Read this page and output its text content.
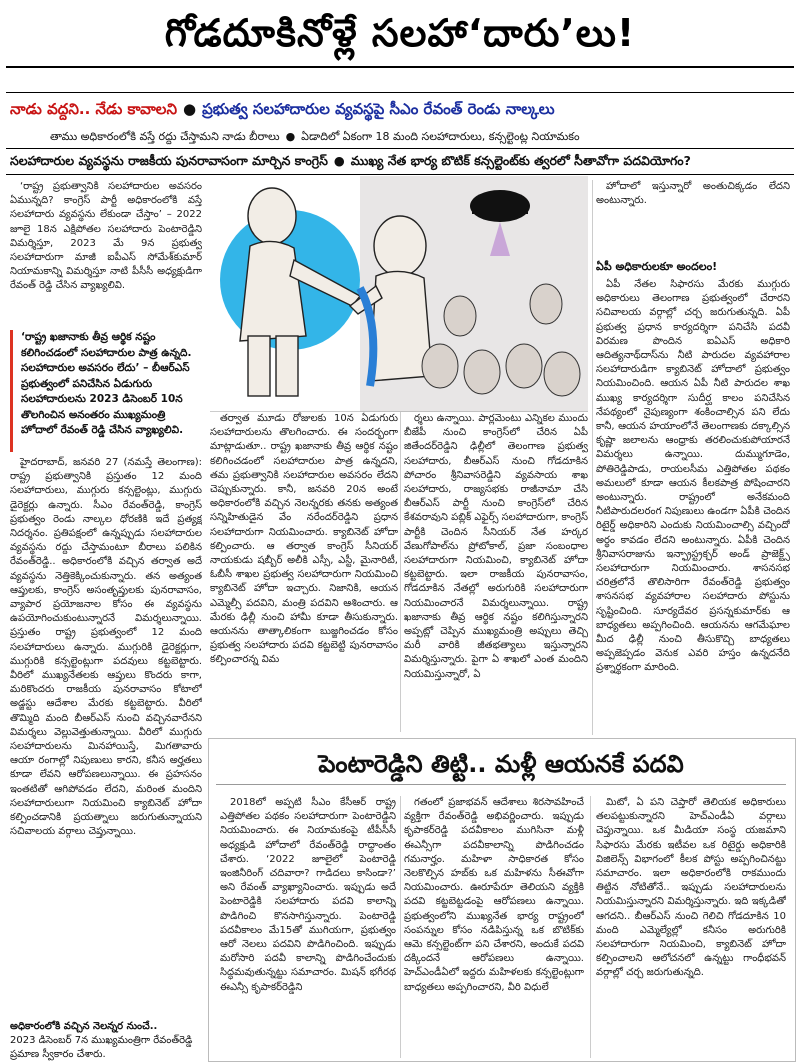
గోడదూకినోళ్లే సలహా‘దారు’లు!
నాడు వద్దని.. నేడు కావాలని ● ప్రభుత్వ సలహాదారుల వ్యవస్థపై సీఎం రేవంత్ రెండు నాల్కలు
తాము అధికారంలోకి వస్తే రద్దు చేస్తామని నాడు బీరాలు ● ఏడాదిలో ఏకంగా 18 మంది సలహాదారులు, కన్సల్టెంట్ల నియామకం
సలహాదారుల వ్యవస్థను రాజకీయ పునరావాసంగా మార్చిన కాంగ్రెస్ ● ముఖ్య నేత భార్య బొటిక్ కన్సల్టెంట్‌కు త్వరలో సీతావోగా పదవియోగం?

‘రాష్ట్ర ప్రభుత్వానికి సలహాదారుల అవసరం ఏమున్నది? కాంగ్రెస్ పార్టీ అధికారంలోకి వస్తే సలహాదారు వ్యవస్థను లేకుండా చేస్తాం’ – 2022 జూలై 18న ఎక్షిపోతల సలహాదారు పెంటారెడ్డిని విమర్శిస్తూ, 2023 మే 9న ప్రభుత్వ సలహాదారుగా మాజీ ఐపీఎస్ సోమేశ్‌కుమార్ నియామకాన్ని విమర్శిస్తూ నాటి పీసీసీ అధ్యక్షుడిగా రేవంత్ రెడ్డి చేసిన వ్యాఖ్యలివి.

‘రాష్ట్ర ఖజానాకు తీవ్ర ఆర్థిక నష్టం కలిగించడంలో సలహాదారుల పాత్ర ఉన్నది. సలహాదారుల అవసరం లేదు’ – బీఆర్‌ఎస్ ప్రభుత్వంలో పనిచేసిన ఏడుగురు సలహాదారులను 2023 డిసెంబర్ 10న తొలగించిన అనంతరం ముఖ్యమంత్రి హోదాలో రేవంత్ రెడ్డి చేసిన వ్యాఖ్యలివి.

హైదరాబాద్, జనవరి 27 (నమస్తే తెలంగాణ): రాష్ట్ర ప్రభుత్వానికి ప్రస్తుతం 12 మంది సలహాదారులు, ముగ్గురు కన్సల్టెంట్లు, ముగ్గురు డైరెక్టర్లు ఉన్నారు. సీఎం రేవంత్‌రెడ్డి, కాంగ్రెస్ ప్రభుత్వం రెండు నాల్కల ధోరణికి ఇదే ప్రత్యక్ష నిదర్శనం. ప్రతిపక్షంలో ఉన్నప్పుడు సలహాదారుల వ్యవస్థను రద్దు చేస్తామంటూ బీరాలు పలికిన రేవంత్‌రెడ్డి.. అధికారంలోకి వచ్చిన తర్వాత అదే వ్యవస్థను నెత్తికెక్కించుకున్నారు. తన అత్యంత ఆప్తులకు, కాంగ్రెస్ అసంతృప్తులకు పునరావాసం, వ్యాపార ప్రయోజనాల కోసం ఈ వ్యవస్థను ఉపయోగించుకుంటున్నారనే విమర్శలున్నాయి. ప్రస్తుతం రాష్ట్ర ప్రభుత్వంలో 12 మంది సలహాదారులు ఉన్నారు. ముగ్గురికి డైరెక్టర్లుగా, ముగ్గురికి కన్సల్టెంట్లుగా పదవులు కట్టబెట్టారు. వీరిలో ముఖ్యనేతలకు ఆప్తులు కొందరు కాగా, మరికొందరు రాజకీయ పునరావాసం కోటాలో అడ్జస్టు ఆదేశాల మేరకు కట్టబెట్టారు. వీరిలో తొమ్మిది మంది బీఆర్‌ఎస్ నుంచి వచ్చినవారేనని విమర్శలు వెల్లువెత్తుతున్నాయి. వీరిలో ముగ్గురు సలహాదారులను మినహాయిస్తే, మిగతావారు ఆయా రంగాల్లో నిపుణులు కారని, కనీస అర్హతలు కూడా లేవని ఆరోపణలున్నాయి. ఈ ప్రహసనం ఇంతటితో ఆగిపోవడం లేదని, మరింత మందిని సలహాదారులుగా నియమించి క్యాబినెట్ హోదా కల్పించడానికి ప్రయత్నాలు జరుగుతున్నాయని సచివాలయ వర్గాలు చెప్తున్నాయి.

అధికారంలోకి వచ్చిన నెలన్నర నుంచే..
2023 డిసెంబర్ 7న ముఖ్యమంత్రిగా రేవంత్‌రెడ్డి ప్రమాణ స్వీకారం చేశారు.

తర్వాత మూడు రోజులకు 10న ఏడుగురు సలహాదారులను తొలగించారు. ఈ సందర్భంగా మాట్లాడుతూ.. రాష్ట్ర ఖజానాకు తీవ్ర ఆర్థిక నష్టం కలిగించడంలో సలహాదారుల పాత్ర ఉన్నదని, తమ ప్రభుత్వానికి సలహాదారుల అవసరం లేదని చెప్పుకున్నారు. కానీ, జనవరి 20న అంటే అధికారంలోకి వచ్చిన నెలన్నరకు తనకు అత్యంత సన్నిహితుడైన వేం నరేందర్‌రెడ్డిని ప్రధాన సలహాదారుగా నియమించారు. క్యాబినెట్ హోదా కల్పించారు. ఆ తర్వాత కాంగ్రెస్ సీనియర్ నాయకుడు షబ్బీర్ అలీకి ఎస్సీ, ఎస్టీ, మైనారిటీ, ఓబీసీ శాఖల ప్రభుత్వ సలహాదారుగా నియమించి క్యాబినెట్ హోదా ఇచ్చారు. నిజానికి, ఆయన ఎమ్మెల్సీ పదవిని, మంత్రి పదవిని ఆశించారు. ఆ మేరకు ఢిల్లీ నుంచి హామీ కూడా తీసుకున్నారు. ఆయనను తాత్కాలికంగా బుజ్జగించడం కోసం ప్రభుత్వ సలహాదారు పదవి కట్టబెట్టి పునరావాసం కల్పించారన్న విమ

ర్శలు ఉన్నాయి. పార్లమెంటు ఎన్నికల ముందు బీజేపీ నుంచి కాంగ్రెస్‌లో చేరిన ఏపీ జితేందర్‌రెడ్డిని ఢిల్లీలో తెలంగాణ ప్రభుత్వ సలహాదారు, బీఆర్‌ఎస్ నుంచి గోడదూకిన పోచారం శ్రీనివాసరెడ్డిని వ్యవసాయ శాఖ సలహాదారు, రాజ్యసభకు రాజీనామా చేసి బీఆర్‌ఎస్ పార్టీ నుంచి కాంగ్రెస్‌లో చేరిన కేశవరావుని పబ్లిక్ ఎఫైర్స్ సలహాదారుగా, కాంగ్రెస్ పార్టీకి చెందిన సీనియర్ నేత హర్కర వేణుగోపాల్‌ను ప్రోటోకాల్, ప్రజా సంబంధాల సలహాదారుగా నియమించి, క్యాబినెట్ హోదా కట్టబెట్టారు. ఇలా రాజకీయ పునరావాసం, గోడదూకిన నేతల్లో అరుగురికి సలహాదారుగా నియమించారనే విమర్శలున్నాయి. రాష్ట్ర ఖజానాకు తీవ్ర ఆర్థిక నష్టం కలిగిస్తున్నారని అప్పట్లో చెప్పిన ముఖ్యమంత్రి అప్పులు తెచ్చి మరీ వారికి జీతభత్యాలు ఇస్తున్నారని విమర్శిస్తున్నారు. పైగా ఏ శాఖలో ఎంత మందిని నియమిస్తున్నారో, ఏ

హోదాలో ఇస్తున్నారో అంతుచిక్కడం లేదని అంటున్నారు.

ఏపీ అధికారులకూ అందలం!

ఏపీ నేతల సిఫారసు మేరకు ముగ్గురు అధికారులు తెలంగాణ ప్రభుత్వంలో చేరారని సచివాలయ వర్గాల్లో చర్చ జరుగుతున్నది. ఏపీ ప్రభుత్వ ప్రధాన కార్యదర్శిగా పనిచేసి పదవీ విరమణ పొందిన ఐఏఎస్ అధికారి ఆదిత్యనాథ్‌దాస్‌ను నీటి పారుదల వ్యవహారాల సలహాదారుడిగా క్యాబినెట్ హోదాలో ప్రభుత్వం నియమించింది. ఆయన ఏపీ నీటి పారుదల శాఖ ముఖ్య కార్యదర్శిగా సుదీర్ఘ కాలం పనిచేసిన నేపథ్యంలో నైపుణ్యంగా శంకించాల్సిన పని లేదు కానీ, ఆయన హయాంలోనే తెలంగాణకు దక్కాల్సిన కృష్ణా జలాలను ఆంధ్రాకు తరలించుకుపోయారనే విమర్శలు ఉన్నాయి. దుమ్ముగూడెం, పోతిరెడ్డిపాడు, రాయలసీమ ఎత్తిపోతల పథకం అమలులో కూడా ఆయన కీలకపాత్ర పోషించారని అంటున్నారు. రాష్ట్రంలో అనేకమంది నీటిపారుదలరంగ నిపుణులు ఉండగా ఏపీకి చెందిన రిటైర్డ్ అధికారిని ఎందుకు నియమించాల్సి వచ్చిందో అర్థం కావడం లేదని అంటున్నారు. ఏపీకి చెందిన శ్రీనివాసరాజును ఇన్ఫ్రాస్ట్రక్చర్ అండ్ ప్రాజెక్ట్స్ సలహాదారుగా నియమించారు. శాసనసభ చరిత్రలోనే తొలిసారిగా రేవంత్‌రెడ్డి ప్రభుత్వం శాసనసభ వ్యవహారాల సలహాదారు పోస్టును సృష్టించింది. సూర్యదేవర ప్రసన్నకుమార్‌కు ఆ బాధ్యతలు అప్పగించింది. ఆయనను ఆగమేఘాల మీద ఢిల్లీ నుంచి తీసుకొచ్చి బాధ్యతలు అప్పజెప్పడం వెనుక ఎవరి హస్తం ఉన్నదనేది ప్రశ్నార్థకంగా మారింది.

పెంటారెడ్డిని తిట్టి.. మళ్లీ ఆయనకే పదవి

2018లో అప్పటి సీఎం కేసీఆర్ రాష్ట్ర ఎత్తిపోతల పథకం సలహాదారుగా పెంటారెడ్డిని నియమించారు. ఈ నియామకంపై టీపీసీసీ అధ్యక్షుడి హోదాలో రేవంత్‌రెడ్డి రాద్ధాంతం చేశారు. ‘2022 జూలైలో పెంటారెడ్డి ఇంజినీరింగ్ చదివారా? గాడిదలు కాసిండా?’ అని రేవంత్ వ్యాఖ్యానించారు. ఇప్పుడు అదే పెంటారెడ్డికి సలహాదారు పదవి కాలాన్ని పొడిగించి కొనసాగిస్తున్నారు. పెంటారెడ్డి పదవీకాలం మే15తో ముగియగా, ప్రభుత్వం ఆరో నెలలు పదవిని పొడిగించింది. ఇప్పుడు మరోసారి పదవీ కాలాన్ని పొడిగించేందుకు సిద్ధమవుతున్నట్టు సమాచారం. మిషన్ భగీరథ ఈఎన్సీ కృపాకర్‌రెడ్డిని

గతంలో ప్రజాభవన్ ఆదేశాలు శిరసావహించే వ్యక్తిగా రేవంత్‌రెడ్డి అభివర్ణించారు. ఇప్పుడు కృపాకర్‌రెడ్డి పదవీకాలం ముగిసినా మళ్లీ ఈఎన్సీగా పదవీకాలాన్ని పొడిగించడం గమనార్హం. మహిళా సాధికారత కోసం నెలకొల్పిన హబ్‌కు ఒక మహిళను సీఈవోగా నియమించారు. ఊరూపేరూ తెలియని వ్యక్తికి పదవి కట్టబెట్టడంపై ఆరోపణలు ఉన్నాయి. ప్రభుత్వంలోని ముఖ్యనేత భార్య రాష్ట్రంలో సంపన్నుల కోసం నడిపిస్తున్న ఒక బొటిక్‌కు ఆమె కన్సల్టెంట్‌గా పని చేశారని, అందుకే పదవి దక్కిందనే ఆరోపణలు ఉన్నాయి. హెచ్ఎండీఏలో ఇద్దరు మహిళలకు కన్సల్టెంట్లుగా బాధ్యతలు అప్పగించారని, వీరి విధులే

మిటో, ఏ పని చెప్తారో తెలియక అధికారులు తలపట్టుకున్నారని హెచ్ఎండీఏ వర్గాలు చెప్తున్నాయి. ఒక మీడియా సంస్థ యజమాని సిఫారసు మేరకు ఇటీవల ఒక రిటైర్డు అధికారికి విజిలెన్స్ విభాగంలో కీలక పోస్టు అప్పగించినట్టు సమాచారం. ఇలా అధికారంలోకి రాకముందు తిట్టిన నోటితోనే.. ఇప్పుడు సలహాదారులను నియమిస్తున్నారని విమర్శిస్తున్నారు. ఇది ఇక్కడితో ఆగదని.. బీఆర్‌ఎస్ నుంచి గెలిచి గోడదూకిన 10 మంది ఎమ్మెల్యేల్లో కనీసం అరుగురికి సలహాదారుగా నియమించి, క్యాబినెట్ హోదా కల్పించాలని ఆలోచనలో ఉన్నట్టు గాంధీభవన్ వర్గాల్లో చర్చ జరుగుతున్నది.
